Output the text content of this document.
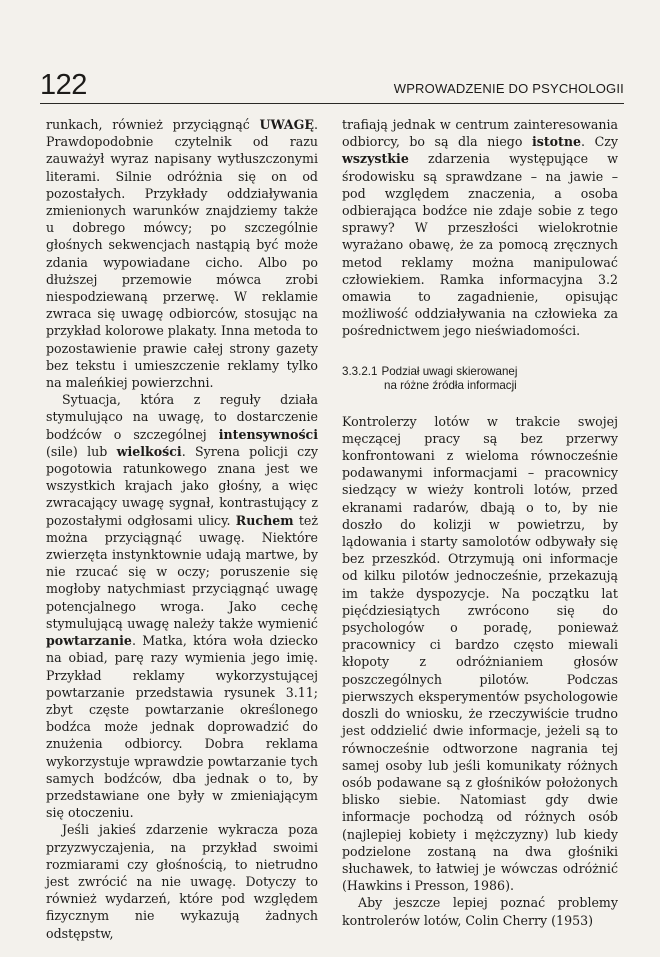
122	WPROWADZENIE DO PSYCHOLOGII

runkach, również przyciągnąć UWAGĘ. Prawdopodobnie czytelnik od razu zauważył wyraz napisany wytłuszczonymi literami. Silnie odróżnia się on od pozostałych. Przykłady oddziaływania zmienionych warunków znajdziemy także u dobrego mówcy; po szczególnie głośnych sekwencjach nastąpią być może zdania wypowiadane cicho. Albo po dłuższej przemowie mówca zrobi niespodziewaną przerwę. W reklamie zwraca się uwagę odbiorców, stosując na przykład kolorowe plakaty. Inna metoda to pozostawienie prawie całej strony gazety bez tekstu i umieszczenie reklamy tylko na maleńkiej powierzchni.

Sytuacja, która z reguły działa stymulująco na uwagę, to dostarczenie bodźców o szczególnej intensywności (sile) lub wielkości. Syrena policji czy pogotowia ratunkowego znana jest we wszystkich krajach jako głośny, a więc zwracający uwagę sygnał, kontrastujący z pozostałymi odgłosami ulicy. Ruchem też można przyciągnąć uwagę. Niektóre zwierzęta instynktownie udają martwe, by nie rzucać się w oczy; poruszenie się mogłoby natychmiast przyciągnąć uwagę potencjalnego wroga. Jako cechę stymulującą uwagę należy także wymienić powtarzanie. Matka, która woła dziecko na obiad, parę razy wymienia jego imię. Przykład reklamy wykorzystującej powtarzanie przedstawia rysunek 3.11; zbyt częste powtarzanie określonego bodźca może jednak doprowadzić do znużenia odbiorcy. Dobra reklama wykorzystuje wprawdzie powtarzanie tych samych bodźców, dba jednak o to, by przedstawiane one były w zmieniającym się otoczeniu.

Jeśli jakieś zdarzenie wykracza poza przyzwyczajenia, na przykład swoimi rozmiarami czy głośnością, to nietrudno jest zwrócić na nie uwagę. Dotyczy to również wydarzeń, które pod względem fizycznym nie wykazują żadnych odstępstw,

trafiają jednak w centrum zainteresowania odbiorcy, bo są dla niego istotne. Czy wszystkie zdarzenia występujące w środowisku są sprawdzane – na jawie – pod względem znaczenia, a osoba odbierająca bodźce nie zdaje sobie z tego sprawy? W przeszłości wielokrotnie wyrażano obawę, że za pomocą zręcznych metod reklamy można manipulować człowiekiem. Ramka informacyjna 3.2 omawia to zagadnienie, opisując możliwość oddziaływania na człowieka za pośrednictwem jego nieświadomości.

3.3.2.1 Podział uwagi skierowanej
na różne źródła informacji

Kontrolerzy lotów w trakcie swojej męczącej pracy są bez przerwy konfrontowani z wieloma równocześnie podawanymi informacjami – pracownicy siedzący w wieży kontroli lotów, przed ekranami radarów, dbają o to, by nie doszło do kolizji w powietrzu, by lądowania i starty samolotów odbywały się bez przeszkód. Otrzymują oni informacje od kilku pilotów jednocześnie, przekazują im także dyspozycje. Na początku lat pięćdziesiątych zwrócono się do psychologów o poradę, ponieważ pracownicy ci bardzo często miewali kłopoty z odróżnianiem głosów poszczególnych pilotów. Podczas pierwszych eksperymentów psychologowie doszli do wniosku, że rzeczywiście trudno jest oddzielić dwie informacje, jeżeli są to równocześnie odtworzone nagrania tej samej osoby lub jeśli komunikaty różnych osób podawane są z głośników położonych blisko siebie. Natomiast gdy dwie informacje pochodzą od różnych osób (najlepiej kobiety i mężczyzny) lub kiedy podzielone zostaną na dwa głośniki słuchawek, to łatwiej je wówczas odróżnić (Hawkins i Presson, 1986).

Aby jeszcze lepiej poznać problemy kontrolerów lotów, Colin Cherry (1953)
